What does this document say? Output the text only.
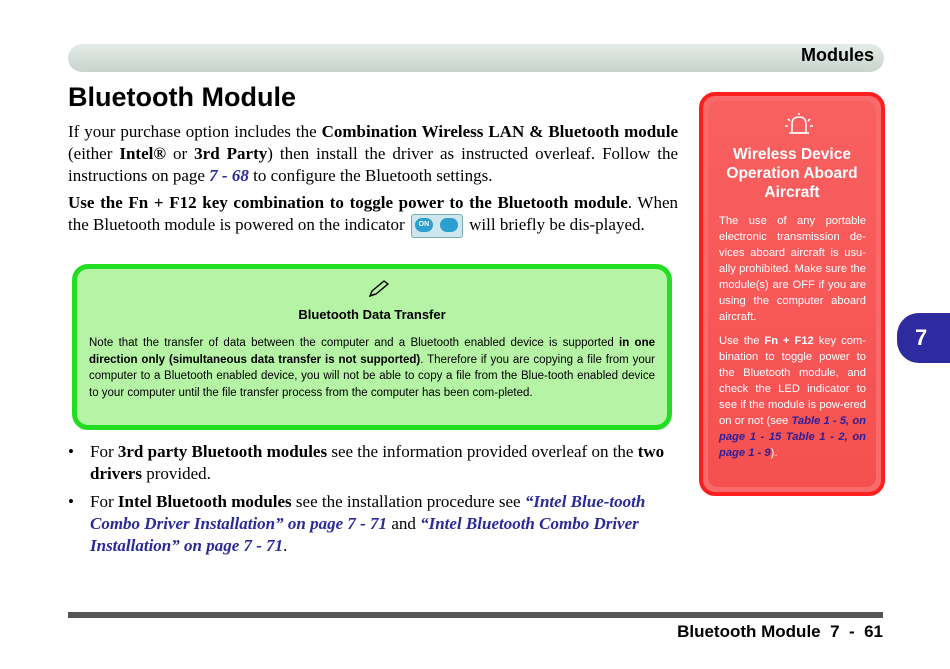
Modules
Bluetooth Module

If your purchase option includes the Combination Wireless LAN & Bluetooth module (either Intel® or 3rd Party) then install the driver as instructed overleaf. Follow the instructions on page 7 - 68 to configure the Bluetooth settings.

Use the Fn + F12 key combination to toggle power to the Bluetooth module. When the Bluetooth module is powered on the indicator	ON will briefly be dis-played.

Bluetooth Data Transfer

Note that the transfer of data between the computer and a Bluetooth enabled device is supported in one direction only (simultaneous data transfer is not supported). Therefore if you are copying a file from your computer to a Bluetooth enabled device, you will not be able to copy a file from the Blue-tooth enabled device to your computer until the file transfer process from the computer has been com-pleted.

• For 3rd party Bluetooth modules see the information provided overleaf on the two drivers provided.
• For Intel Bluetooth modules see the installation procedure see “Intel Blue-tooth Combo Driver Installation” on page 7 - 71 and “Intel Bluetooth Combo Driver Installation” on page 7 - 71.
Wireless Device Operation Aboard Aircraft

The use of any portable electronic transmission de-vices aboard aircraft is usu-ally prohibited. Make sure the module(s) are OFF if you are using the computer aboard aircraft.

Use the Fn + F12 key com-bination to toggle power to the Bluetooth module, and check the LED indicator to see if the module is pow-ered on or not (see Table 1 - 5, on page 1 - 15 Table 1 - 2, on page 1 - 9).

7
Bluetooth Module  7  -  61
